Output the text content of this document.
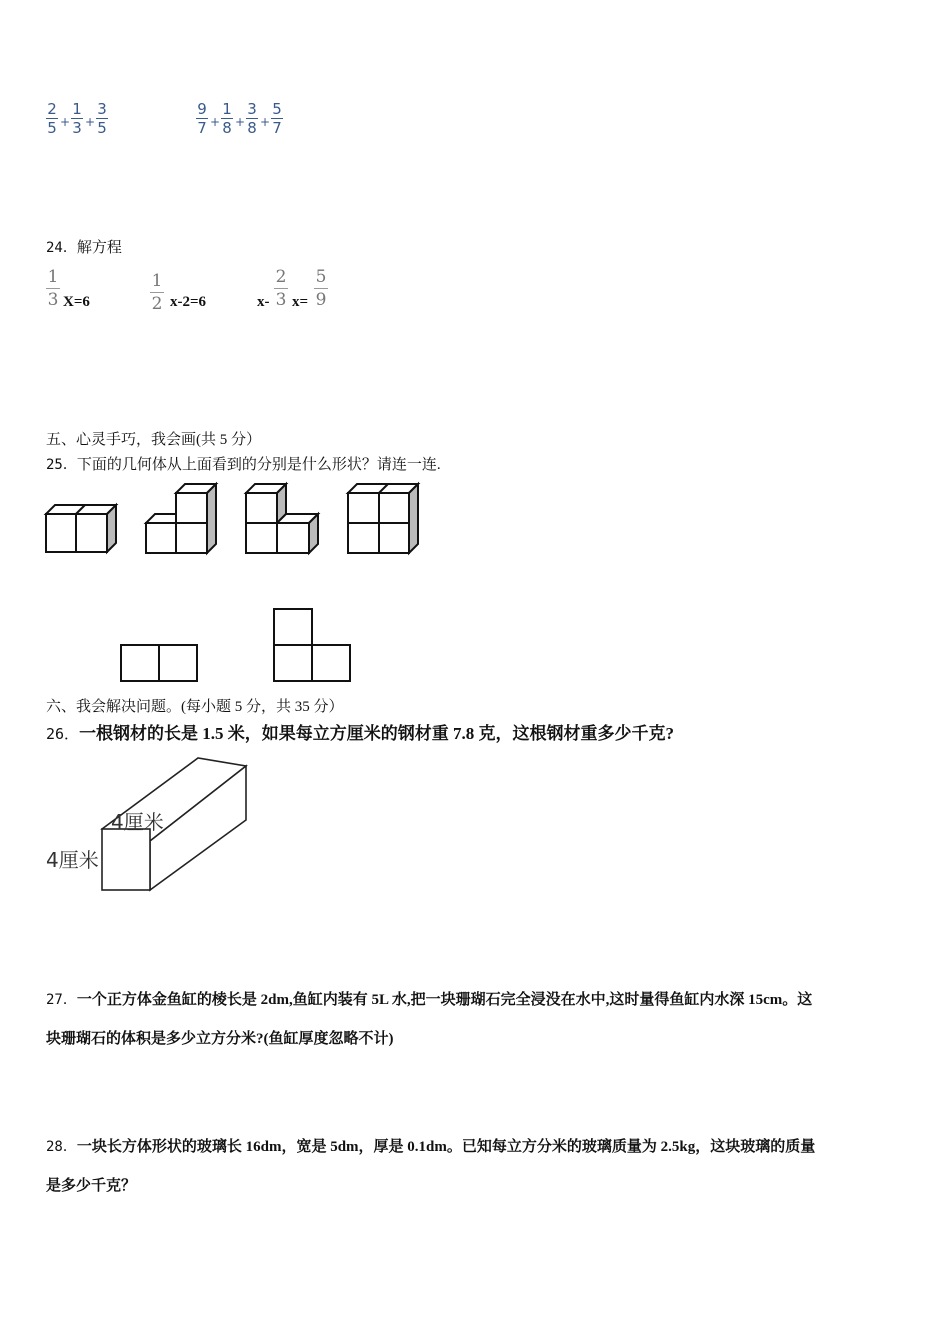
2
5 +
1
3 +
3
5
9
7 +
1
8 +
3
8 +
5
7
24．解方程
1
3 X=6
1
2 x-2=6	x-
2
3 x=
5
9
五、心灵手巧，我会画(共 5 分）
25．下面的几何体从上面看到的分别是什么形状？请连一连.
六、我会解决问题。(每小题 5 分，共 35 分）
26．一根钢材的长是 1.5 米，如果每立方厘米的钢材重 7.8 克，这根钢材重多少千克?
4厘米
4厘米
27．一个正方体金鱼缸的棱长是 2dm,鱼缸内装有 5L 水,把一块珊瑚石完全浸没在水中,这时量得鱼缸内水深 15cm。这
块珊瑚石的体积是多少立方分米?(鱼缸厚度忽略不计)
28．一块长方体形状的玻璃长 16dm，宽是 5dm，厚是 0.1dm。已知每立方分米的玻璃质量为 2.5kg，这块玻璃的质量
是多少千克？
